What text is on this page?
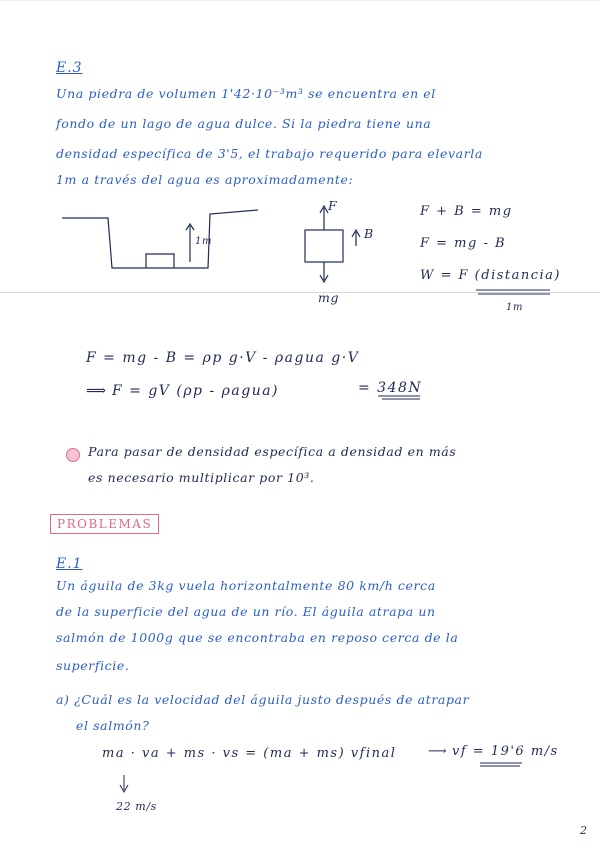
E.3
Una piedra de volumen 1'42·10⁻³m³ se encuentra en el
fondo de un lago de agua dulce. Si la piedra tiene una
densidad específica de 3'5, el trabajo requerido para elevarla
1m a través del agua es aproximadamente:
1m
F
B
mg
F + B = mg
F = mg - B
W = F (distancia)
1m
F = mg - B = ρp g·V - ρagua g·V
⟹ F = gV (ρp - ρagua)	= 348N
Para pasar de densidad específica a densidad en más
es necesario multiplicar por 10³.
PROBLEMAS
E.1
Un águila de 3kg vuela horizontalmente 80 km/h cerca
de la superficie del agua de un río. El águila atrapa un
salmón de 1000g que se encontraba en reposo cerca de la
superficie.
a) ¿Cuál es la velocidad del águila justo después de atrapar
el salmón?
ma · va + ms · vs = (ma + ms) vfinal ⟶ vf = 19'6 m/s
22 m/s
2
